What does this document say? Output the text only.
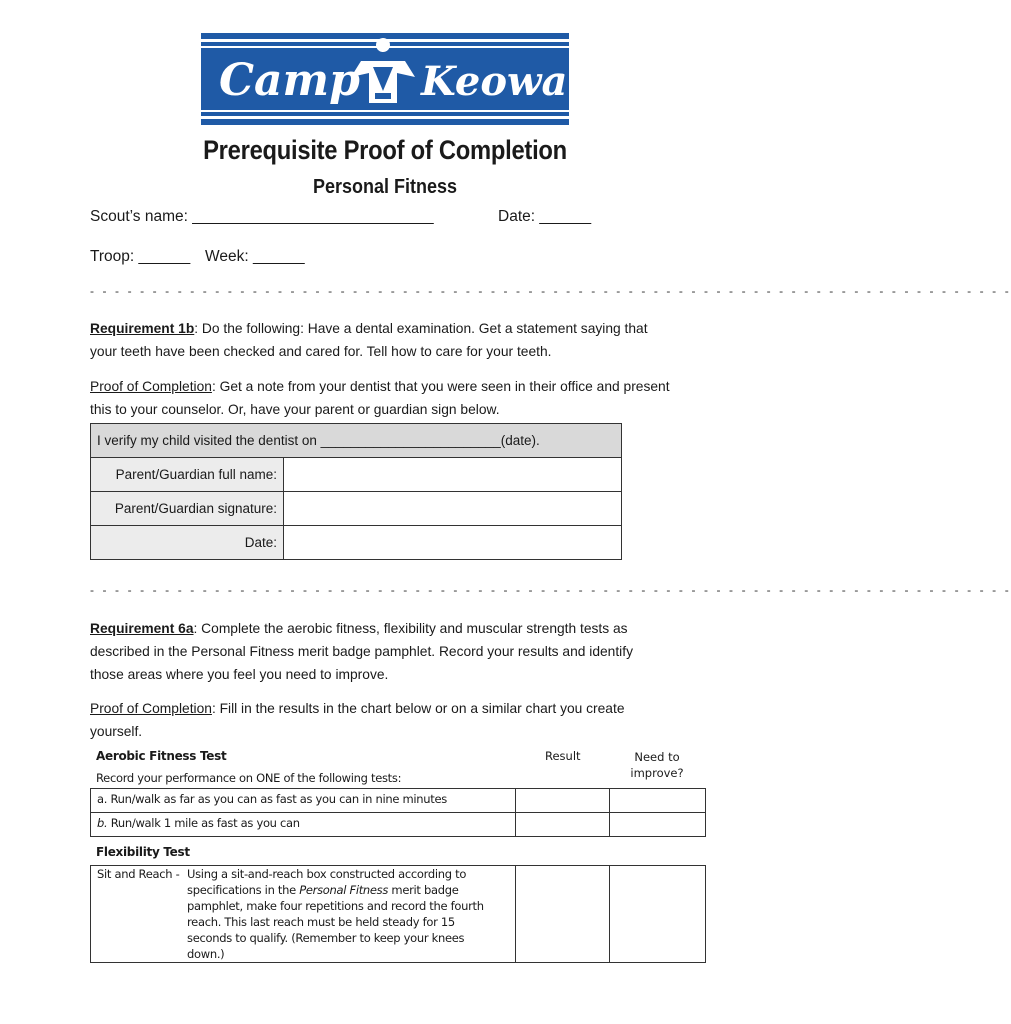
Camp Keowa
Prerequisite Proof of Completion
Personal Fitness
Scout’s name: ____________________________	Date: ______
Troop: ______ Week: ______
- - - - - - - - - - - - - - - - - - - - - - - - - - - - - - - - - - - - - - - - - - - - - - - - - - - - - - - - - - - - - - - - - - - - - - - - - -
Requirement 1b: Do the following: Have a dental examination. Get a statement saying that your teeth have been checked and cared for. Tell how to care for your teeth.
Proof of Completion: Get a note from your dentist that you were seen in their office and present this to your counselor. Or, have your parent or guardian sign below.
I verify my child visited the dentist on ________________________(date).	
Parent/Guardian full name:	
Parent/Guardian signature:	
Date:	
- - - - - - - - - - - - - - - - - - - - - - - - - - - - - - - - - - - - - - - - - - - - - - - - - - - - - - - - - - - - - - - - - - - - - - - - - -
Requirement 6a: Complete the aerobic fitness, flexibility and muscular strength tests as described in the Personal Fitness merit badge pamphlet. Record your results and identify those areas where you feel you need to improve.
Proof of Completion: Fill in the results in the chart below or on a similar chart you create yourself.
Aerobic Fitness Test
Record your performance on ONE of the following tests:
Result	Need to
improve?
a. Run/walk as far as you can as fast as you can in nine minutes		
b. Run/walk 1 mile as fast as you can		
Flexibility Test
Sit and Reach - Using a sit-and-reach box constructed according to specifications in the Personal Fitness merit badge pamphlet, make four repetitions and record the fourth reach. This last reach must be held steady for 15 seconds to qualify. (Remember to keep your knees down.)
